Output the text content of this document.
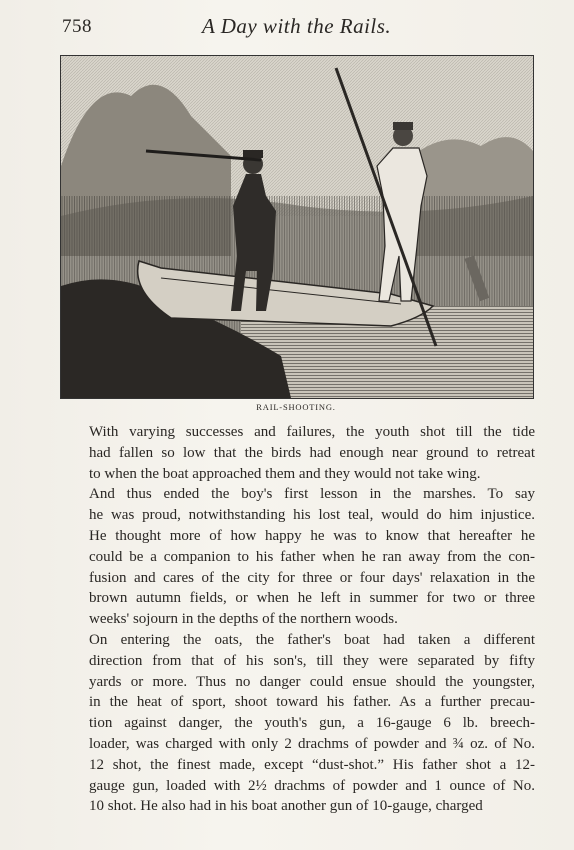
758	A Day with the Rails.
RAIL-SHOOTING.

With varying successes and failures, the youth shot till the tide
had fallen so low that the birds had enough near ground to retreat
to when the boat approached them and they would not take wing.

And thus ended the boy's first lesson in the marshes. To say
he was proud, notwithstanding his lost teal, would do him injustice.
He thought more of how happy he was to know that hereafter he
could be a companion to his father when he ran away from the con-
fusion and cares of the city for three or four days' relaxation in the
brown autumn fields, or when he left in summer for two or three
weeks' sojourn in the depths of the northern woods.

On entering the oats, the father's boat had taken a different
direction from that of his son's, till they were separated by fifty
yards or more. Thus no danger could ensue should the youngster,
in the heat of sport, shoot toward his father. As a further precau-
tion against danger, the youth's gun, a 16-gauge 6 lb. breech-
loader, was charged with only 2 drachms of powder and ¾ oz. of No.
12 shot, the finest made, except “dust-shot.” His father shot a 12-
gauge gun, loaded with 2½ drachms of powder and 1 ounce of No.
10 shot. He also had in his boat another gun of 10-gauge, charged
